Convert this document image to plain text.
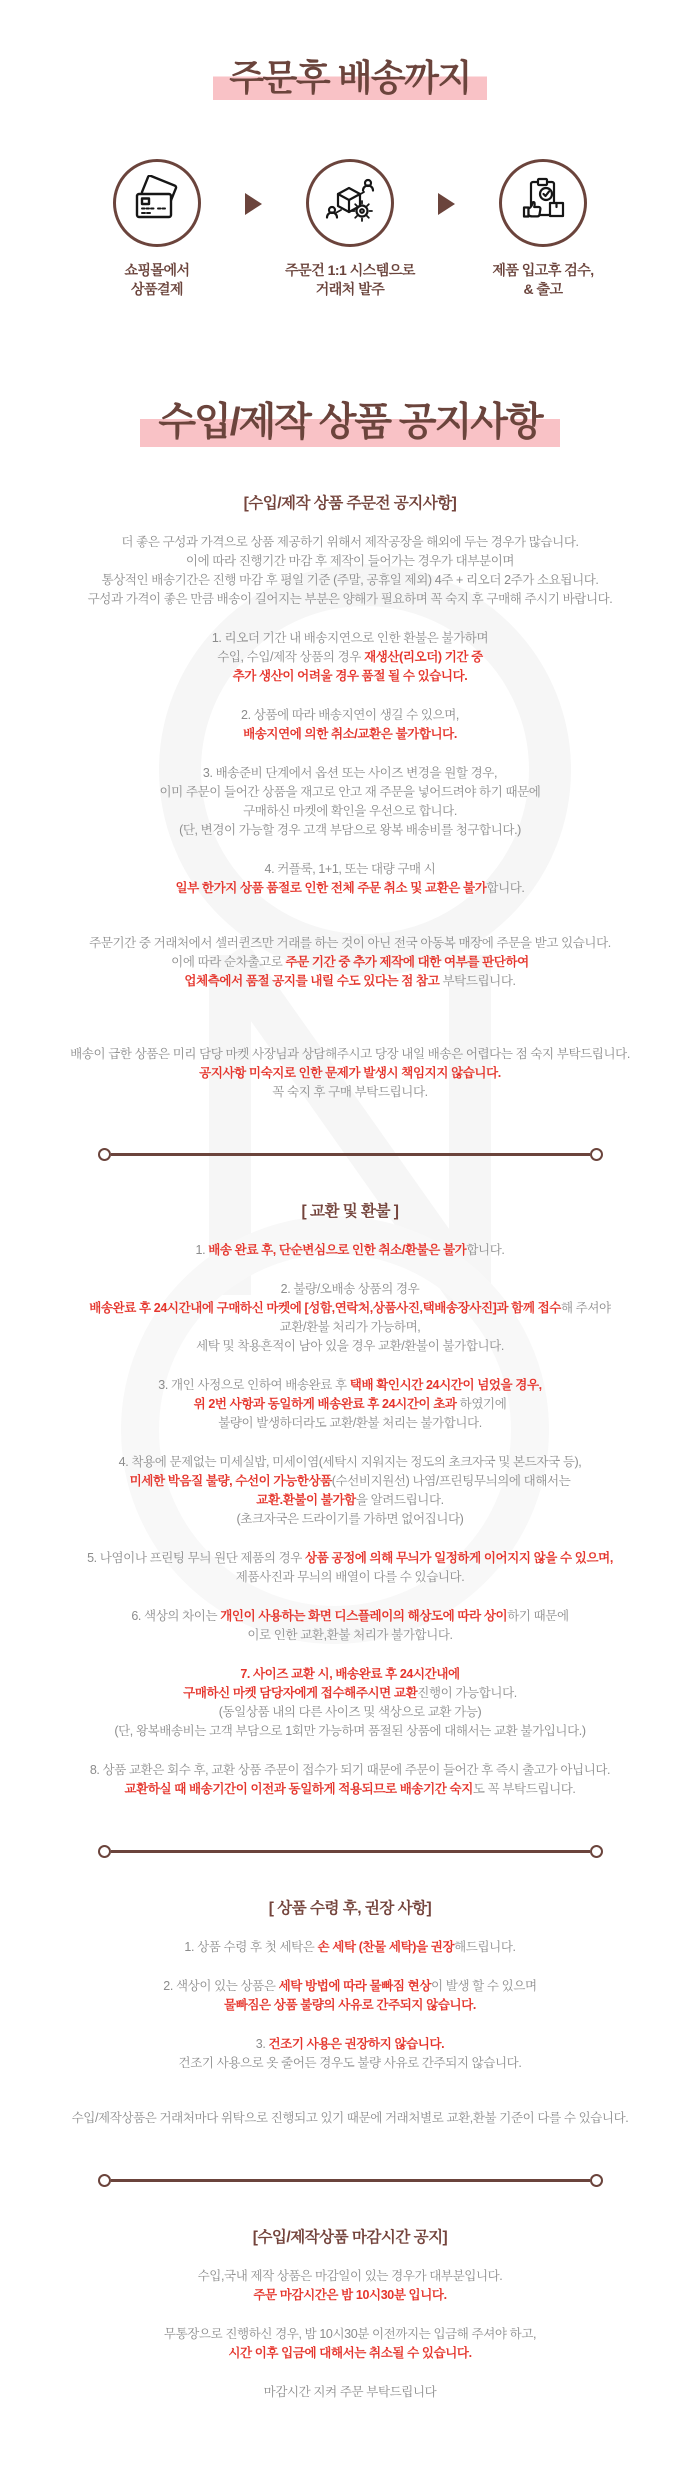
주문후 배송까지
쇼핑몰에서
상품결제
주문건 1:1 시스템으로
거래처 발주
제품 입고후 검수,
& 출고
수입/제작 상품 공지사항

[수입/제작 상품 주문전 공지사항]

더 좋은 구성과 가격으로 상품 제공하기 위해서 제작공장을 해외에 두는 경우가 많습니다.

이에 따라 진행기간 마감 후 제작이 들어가는 경우가 대부분이며

통상적인 배송기간은 진행 마감 후 평일 기준 (주말, 공휴일 제외) 4주 + 리오더 2주가 소요됩니다.

구성과 가격이 좋은 만큼 배송이 길어지는 부분은 양해가 필요하며 꼭 숙지 후 구매해 주시기 바랍니다.

1. 리오더 기간 내 배송지연으로 인한 환불은 불가하며

수입, 수입/제작 상품의 경우 재생산(리오더) 기간 중

추가 생산이 어려울 경우 품절 될 수 있습니다.

2. 상품에 따라 배송지연이 생길 수 있으며,

배송지연에 의한 취소/교환은 불가합니다.

3. 배송준비 단계에서 옵션 또는 사이즈 변경을 원할 경우,

이미 주문이 들어간 상품을 재고로 안고 재 주문을 넣어드려야 하기 때문에

구매하신 마켓에 확인을 우선으로 합니다.

(단, 변경이 가능할 경우 고객 부담으로 왕복 배송비를 청구합니다.)

4. 커플룩, 1+1, 또는 대량 구매 시

일부 한가지 상품 품절로 인한 전체 주문 취소 및 교환은 불가합니다.

주문기간 중 거래처에서 셀러퀸즈만 거래를 하는 것이 아닌 전국 아동복 매장에 주문을 받고 있습니다.

이에 따라 순차출고로 주문 기간 중 추가 제작에 대한 여부를 판단하여

업체측에서 품절 공지를 내릴 수도 있다는 점 참고 부탁드립니다.

배송이 급한 상품은 미리 담당 마켓 사장님과 상담해주시고 당장 내일 배송은 어렵다는 점 숙지 부탁드립니다.

공지사항 미숙지로 인한 문제가 발생시 책임지지 않습니다.

꼭 숙지 후 구매 부탁드립니다.

[ 교환 및 환불 ]

1. 배송 완료 후, 단순변심으로 인한 취소/환불은 불가합니다.

2. 불량/오배송 상품의 경우

배송완료 후 24시간내에 구매하신 마켓에 [성함,연락처,상품사진,택배송장사진]과 함께 접수해 주셔야

교환/환불 처리가 가능하며,

세탁 및 착용흔적이 남아 있을 경우 교환/환불이 불가합니다.

3. 개인 사정으로 인하여 배송완료 후 택배 확인시간 24시간이 넘었을 경우,

위 2번 사항과 동일하게 배송완료 후 24시간이 초과 하였기에

불량이 발생하더라도 교환/환불 처리는 불가합니다.

4. 착용에 문제없는 미세실밥, 미세이염(세탁시 지워지는 정도의 초크자국 및 본드자국 등),

미세한 박음질 불량, 수선이 가능한상품(수선비지원선) 나염/프린팅무늬의에 대해서는

교환.환불이 불가함을 알려드립니다.

(초크자국은 드라이기를 가하면 없어집니다)

5. 나염이나 프린팅 무늬 원단 제품의 경우 상품 공정에 의해 무늬가 일정하게 이어지지 않을 수 있으며,

제품사진과 무늬의 배열이 다를 수 있습니다.

6. 색상의 차이는 개인이 사용하는 화면 디스플레이의 해상도에 따라 상이하기 때문에

이로 인한 교환,환불 처리가 불가합니다.

7. 사이즈 교환 시, 배송완료 후 24시간내에

구매하신 마켓 담당자에게 접수해주시면 교환진행이 가능합니다.

(동일상품 내의 다른 사이즈 및 색상으로 교환 가능)

(단, 왕복배송비는 고객 부담으로 1회만 가능하며 품절된 상품에 대해서는 교환 불가입니다.)

8. 상품 교환은 회수 후, 교환 상품 주문이 접수가 되기 때문에 주문이 들어간 후 즉시 출고가 아닙니다.

교환하실 때 배송기간이 이전과 동일하게 적용되므로 배송기간 숙지도 꼭 부탁드립니다.

[ 상품 수령 후, 권장 사항]

1. 상품 수령 후 첫 세탁은 손 세탁 (찬물 세탁)을 권장해드립니다.

2. 색상이 있는 상품은 세탁 방법에 따라 물빠짐 현상이 발생 할 수 있으며

물빠짐은 상품 불량의 사유로 간주되지 않습니다.

3. 건조기 사용은 권장하지 않습니다.

건조기 사용으로 옷 줄어든 경우도 불량 사유로 간주되지 않습니다.

수입/제작상품은 거래처마다 위탁으로 진행되고 있기 때문에 거래처별로 교환,환불 기준이 다를 수 있습니다.

[수입/제작상품 마감시간 공지]

수입,국내 제작 상품은 마감일이 있는 경우가 대부분입니다.

주문 마감시간은 밤 10시30분 입니다.

무통장으로 진행하신 경우, 밤 10시30분 이전까지는 입금해 주셔야 하고,

시간 이후 입금에 대해서는 취소될 수 있습니다.

마감시간 지켜 주문 부탁드립니다
